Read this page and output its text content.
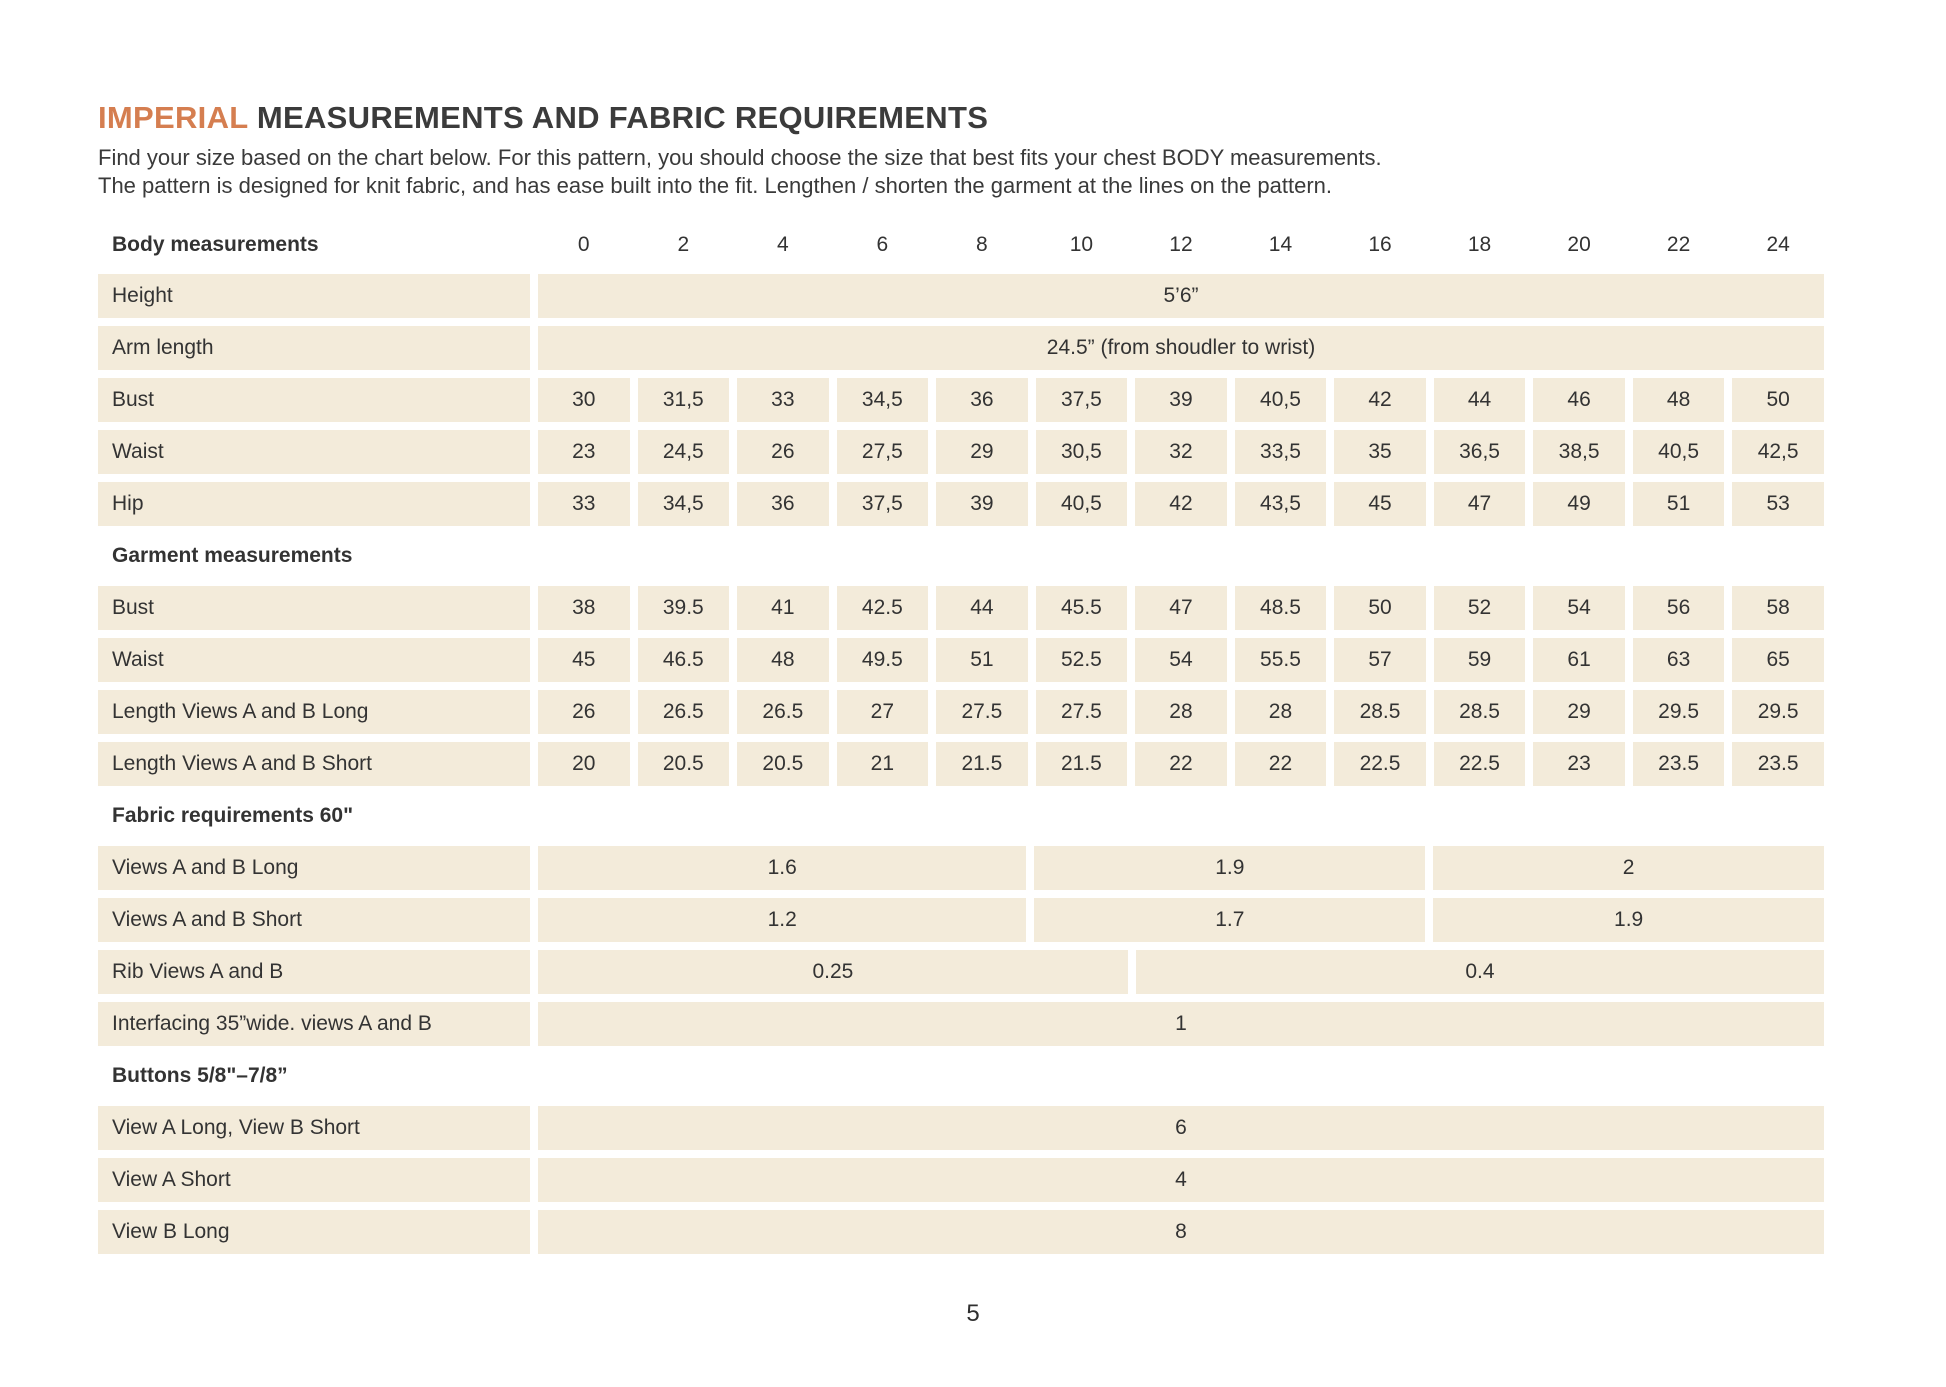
IMPERIAL MEASUREMENTS AND FABRIC REQUIREMENTS

Find your size based on the chart below. For this pattern, you should choose the size that best fits your chest BODY measurements.

The pattern is designed for knit fabric, and has ease built into the fit. Lengthen / shorten the garment at the lines on the pattern.

Body measurements	0	2	4	6	8	10	12	14	16	18	20	22	24
Height	5’6”
Arm length	24.5” (from shoudler to wrist)
Bust	30	31,5	33	34,5	36	37,5	39	40,5	42	44	46	48	50
Waist	23	24,5	26	27,5	29	30,5	32	33,5	35	36,5	38,5	40,5	42,5
Hip	33	34,5	36	37,5	39	40,5	42	43,5	45	47	49	51	53
Garment measurements
Bust	38	39.5	41	42.5	44	45.5	47	48.5	50	52	54	56	58
Waist	45	46.5	48	49.5	51	52.5	54	55.5	57	59	61	63	65
Length Views A and B Long	26	26.5	26.5	27	27.5	27.5	28	28	28.5	28.5	29	29.5	29.5
Length Views A and B Short	20	20.5	20.5	21	21.5	21.5	22	22	22.5	22.5	23	23.5	23.5
Fabric requirements 60"
Views A and B Long	1.6	1.9	2
Views A and B Short	1.2	1.7	1.9
Rib Views A and B	0.25	0.4
Interfacing 35”wide. views A and B	1
Buttons 5/8"–7/8”
View A Long, View B Short	6
View A Short	4
View B Long	8
5
